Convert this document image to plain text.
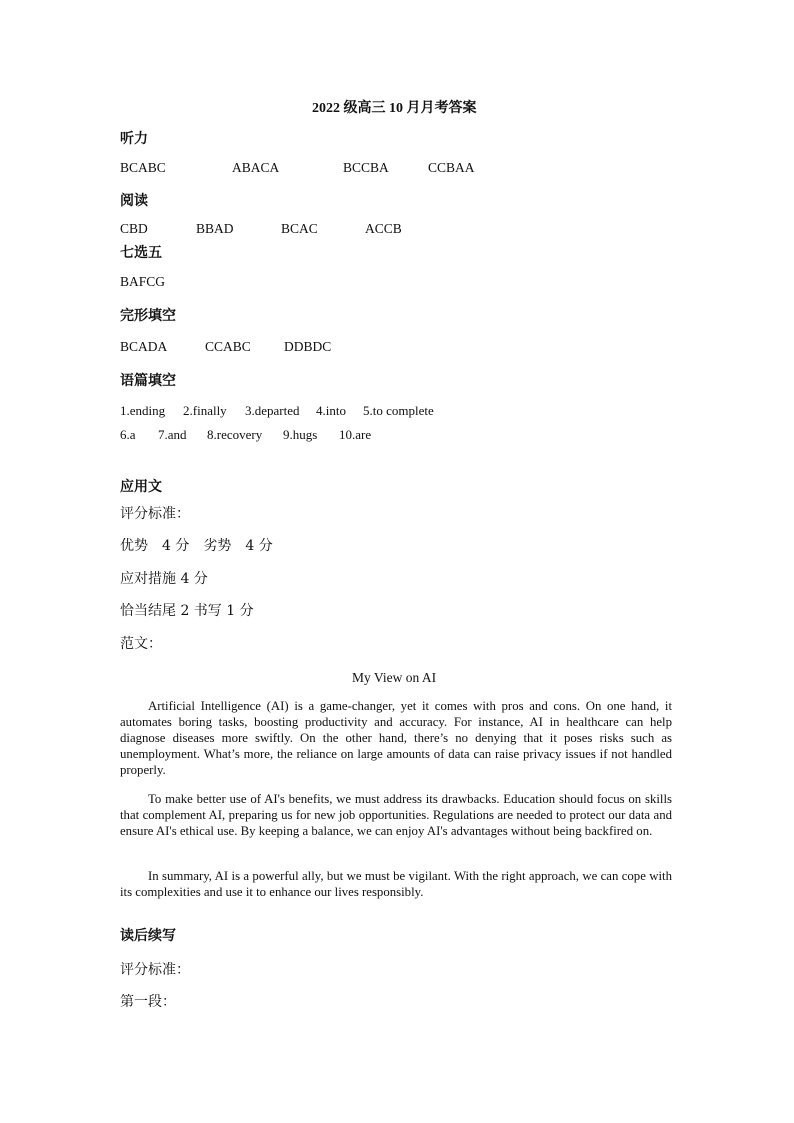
2022 级高三 10 月月考答案
听力
BCABC	ABACA	BCCBA	CCBAA
阅读
CBD	BBAD	BCAC	ACCB
七选五
BAFCG
完形填空
BCADA	CCABC DDBDC
语篇填空
1.ending 2.finally 3.departed 4.into 5.to complete
6.a 7.and 8.recovery 9.hugs 10.are
应用文
评分标准：
优势　4 分　劣势　4 分
应对措施 4 分
恰当结尾 2 书写 1 分
范文：
My View on AI
Artificial Intelligence (AI) is a game-changer, yet it comes with pros and cons. On one hand, it automates boring tasks, boosting productivity and accuracy. For instance, AI in healthcare can help diagnose diseases more swiftly. On the other hand, there’s no denying that it poses risks such as unemployment. What’s more, the reliance on large amounts of data can raise privacy issues if not handled properly.
To make better use of AI's benefits, we must address its drawbacks. Education should focus on skills that complement AI, preparing us for new job opportunities. Regulations are needed to protect our data and ensure AI's ethical use. By keeping a balance, we can enjoy AI's advantages without being backfired on.
In summary, AI is a powerful ally, but we must be vigilant. With the right approach, we can cope with its complexities and use it to enhance our lives responsibly.
读后续写
评分标准：
第一段：
